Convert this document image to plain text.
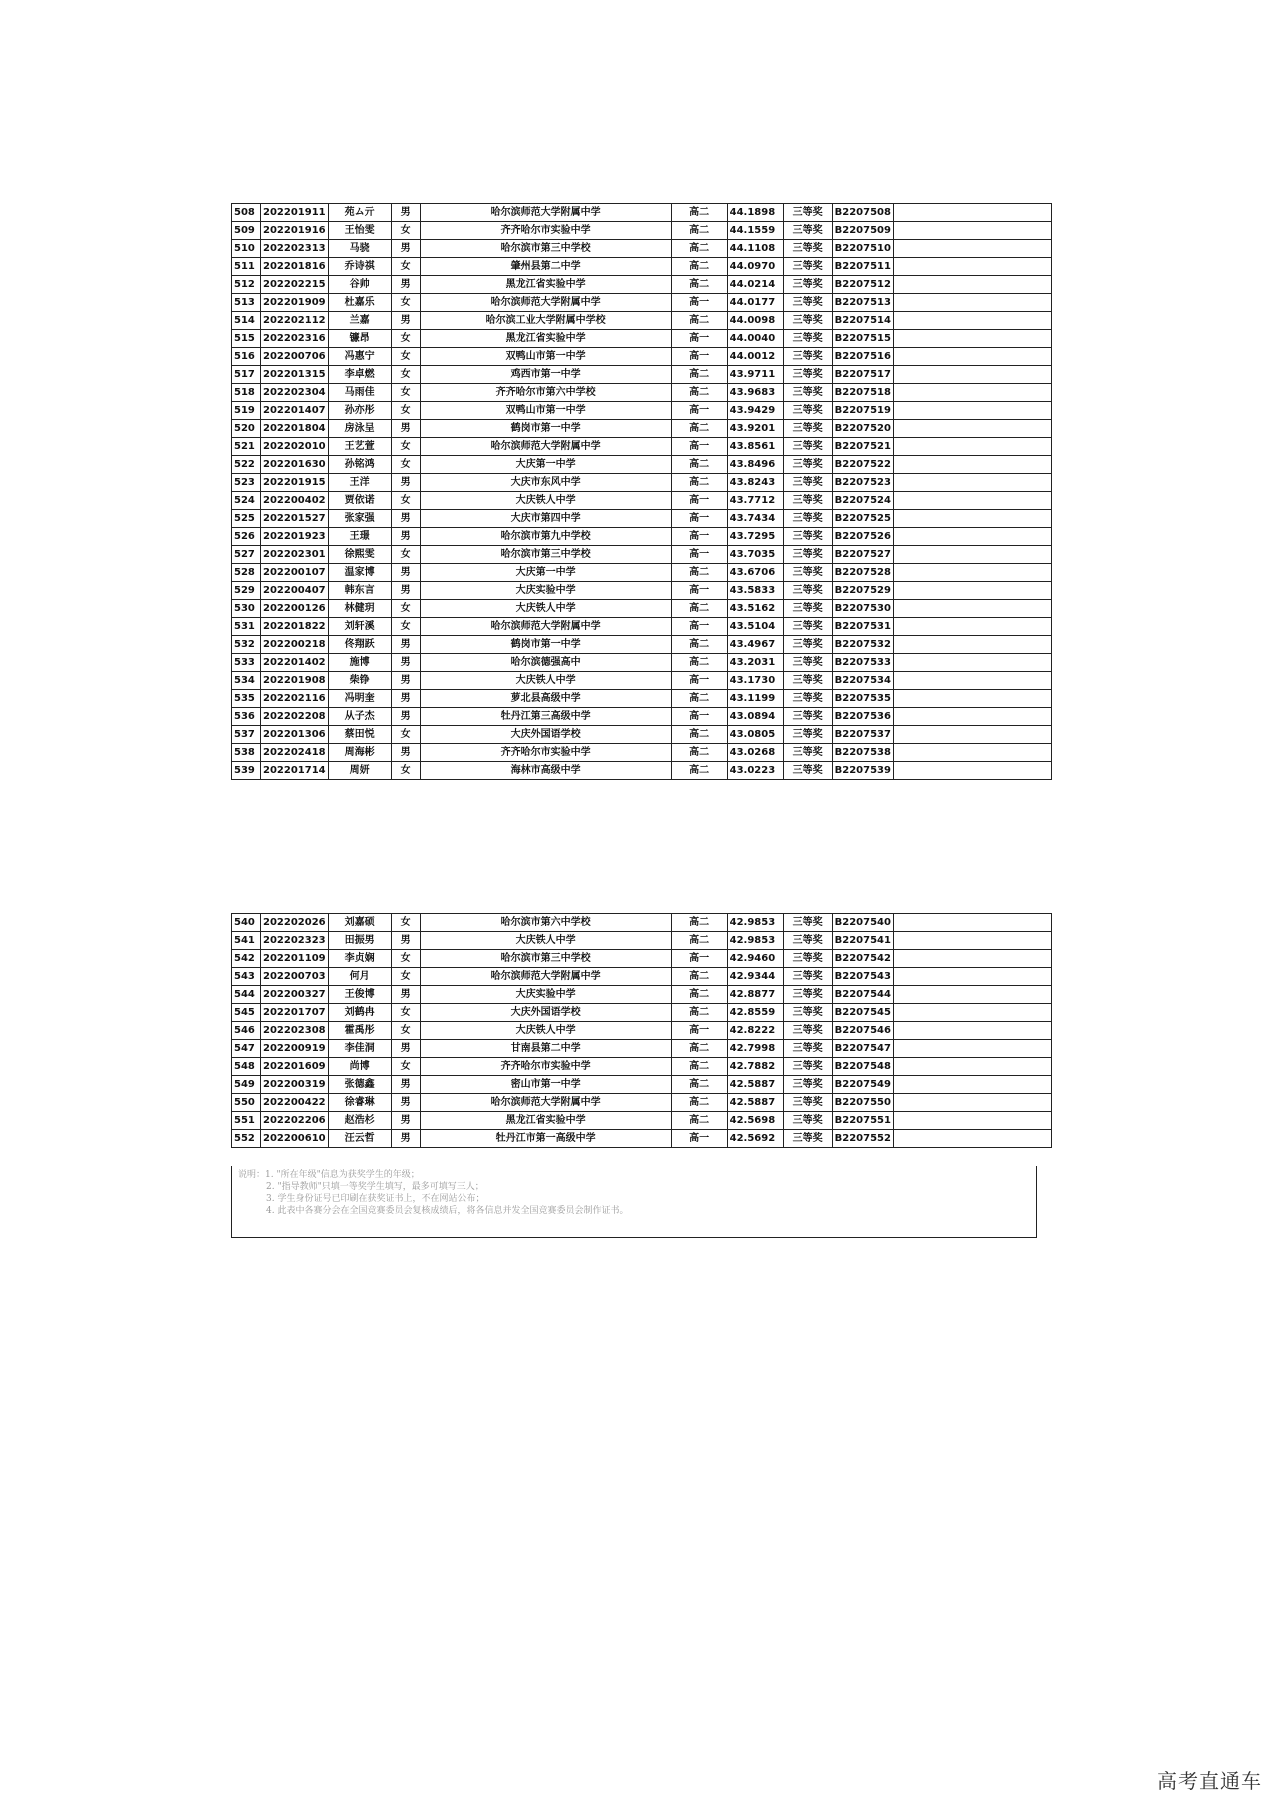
508	202201911	苑ム亓	男	哈尔滨师范大学附属中学	高二	44.1898	三等奖	B2207508	
509	202201916	王怡雯	女	齐齐哈尔市实验中学	高二	44.1559	三等奖	B2207509	
510	202202313	马骁	男	哈尔滨市第三中学校	高二	44.1108	三等奖	B2207510	
511	202201816	乔诗祺	女	肇州县第二中学	高二	44.0970	三等奖	B2207511	
512	202202215	谷帅	男	黑龙江省实验中学	高二	44.0214	三等奖	B2207512	
513	202201909	杜嘉乐	女	哈尔滨师范大学附属中学	高一	44.0177	三等奖	B2207513	
514	202202112	兰嘉	男	哈尔滨工业大学附属中学校	高二	44.0098	三等奖	B2207514	
515	202202316	镰昂	女	黑龙江省实验中学	高一	44.0040	三等奖	B2207515	
516	202200706	冯惠宁	女	双鸭山市第一中学	高一	44.0012	三等奖	B2207516	
517	202201315	李卓燃	女	鸡西市第一中学	高二	43.9711	三等奖	B2207517	
518	202202304	马雨佳	女	齐齐哈尔市第六中学校	高二	43.9683	三等奖	B2207518	
519	202201407	孙亦彤	女	双鸭山市第一中学	高一	43.9429	三等奖	B2207519	
520	202201804	房泳呈	男	鹤岗市第一中学	高二	43.9201	三等奖	B2207520	
521	202202010	王艺萱	女	哈尔滨师范大学附属中学	高一	43.8561	三等奖	B2207521	
522	202201630	孙铭鸿	女	大庆第一中学	高二	43.8496	三等奖	B2207522	
523	202201915	王洋	男	大庆市东风中学	高二	43.8243	三等奖	B2207523	
524	202200402	贾依诺	女	大庆铁人中学	高一	43.7712	三等奖	B2207524	
525	202201527	张家强	男	大庆市第四中学	高一	43.7434	三等奖	B2207525	
526	202201923	王璟	男	哈尔滨市第九中学校	高一	43.7295	三等奖	B2207526	
527	202202301	徐熙雯	女	哈尔滨市第三中学校	高一	43.7035	三等奖	B2207527	
528	202200107	温家博	男	大庆第一中学	高二	43.6706	三等奖	B2207528	
529	202200407	韩东言	男	大庆实验中学	高一	43.5833	三等奖	B2207529	
530	202200126	林健玥	女	大庆铁人中学	高二	43.5162	三等奖	B2207530	
531	202201822	刘轩溪	女	哈尔滨师范大学附属中学	高一	43.5104	三等奖	B2207531	
532	202200218	佟翔跃	男	鹤岗市第一中学	高二	43.4967	三等奖	B2207532	
533	202201402	施博	男	哈尔滨德强高中	高二	43.2031	三等奖	B2207533	
534	202201908	柴铮	男	大庆铁人中学	高一	43.1730	三等奖	B2207534	
535	202202116	冯明奎	男	萝北县高级中学	高二	43.1199	三等奖	B2207535	
536	202202208	从子杰	男	牡丹江第三高级中学	高一	43.0894	三等奖	B2207536	
537	202201306	蔡田悦	女	大庆外国语学校	高二	43.0805	三等奖	B2207537	
538	202202418	周海彬	男	齐齐哈尔市实验中学	高二	43.0268	三等奖	B2207538	
539	202201714	周妍	女	海林市高级中学	高二	43.0223	三等奖	B2207539	
540	202202026	刘嘉硕	女	哈尔滨市第六中学校	高二	42.9853	三等奖	B2207540	
541	202202323	田振男	男	大庆铁人中学	高二	42.9853	三等奖	B2207541	
542	202201109	李贞娴	女	哈尔滨市第三中学校	高一	42.9460	三等奖	B2207542	
543	202200703	何月	女	哈尔滨师范大学附属中学	高二	42.9344	三等奖	B2207543	
544	202200327	王俊博	男	大庆实验中学	高二	42.8877	三等奖	B2207544	
545	202201707	刘鹤冉	女	大庆外国语学校	高二	42.8559	三等奖	B2207545	
546	202202308	霍禹彤	女	大庆铁人中学	高一	42.8222	三等奖	B2207546	
547	202200919	李佳洞	男	甘南县第二中学	高二	42.7998	三等奖	B2207547	
548	202201609	尚博	女	齐齐哈尔市实验中学	高二	42.7882	三等奖	B2207548	
549	202200319	张德鑫	男	密山市第一中学	高二	42.5887	三等奖	B2207549	
550	202200422	徐睿琳	男	哈尔滨师范大学附属中学	高二	42.5887	三等奖	B2207550	
551	202202206	赵浩杉	男	黑龙江省实验中学	高二	42.5698	三等奖	B2207551	
552	202200610	汪云哲	男	牡丹江市第一高级中学	高一	42.5692	三等奖	B2207552	
说明：1. "所在年级"信息为获奖学生的年级；
2. "指导教师"只填一等奖学生填写，最多可填写三人；
3. 学生身份证号已印刷在获奖证书上，不在网站公布；
4. 此表中各赛分会在全国竞赛委员会复核成绩后，将各信息并发全国竞赛委员会制作证书。
高考直通车
